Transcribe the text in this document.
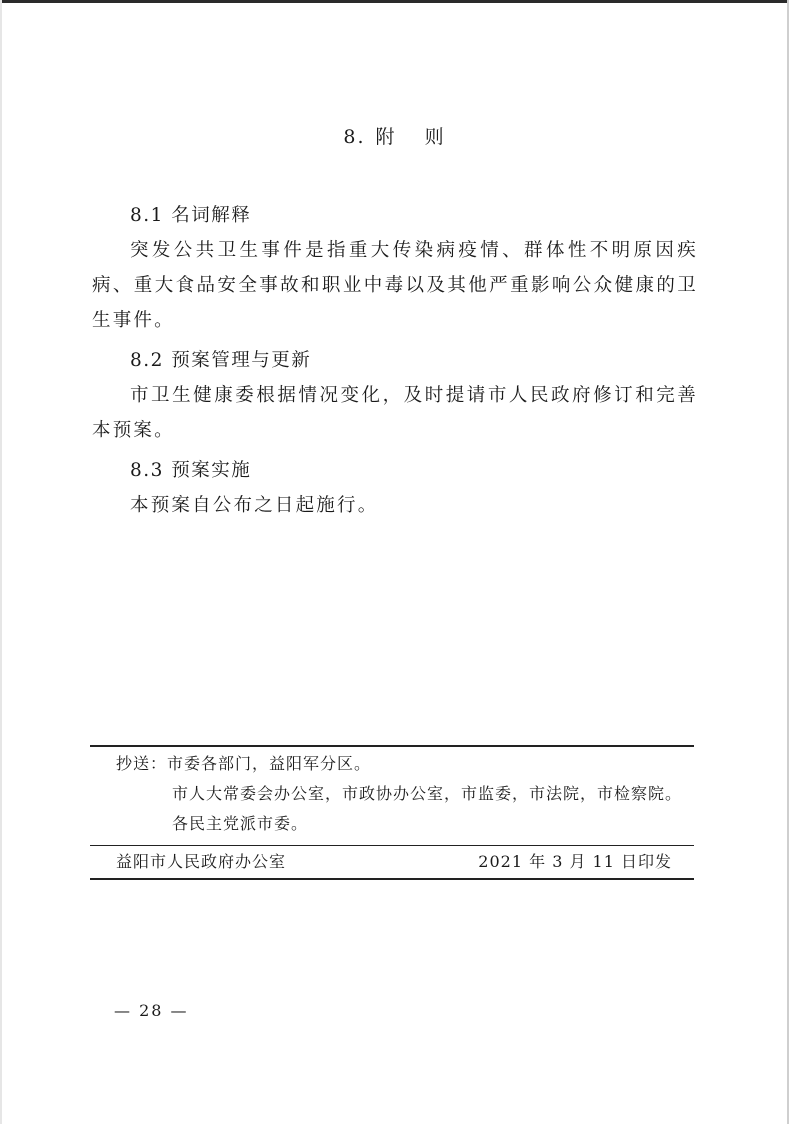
8. 附 则

8.1 名词解释

突发公共卫生事件是指重大传染病疫情、群体性不明原因疾病、重大食品安全事故和职业中毒以及其他严重影响公众健康的卫生事件。

8.2 预案管理与更新

市卫生健康委根据情况变化，及时提请市人民政府修订和完善本预案。

8.3 预案实施

本预案自公布之日起施行。

抄送：市委各部门，益阳军分区。
市人大常委会办公室，市政协办公室，市监委，市法院，市检察院。
各民主党派市委。
益阳市人民政府办公室	2021 年 3 月 11 日印发
— 28 —
